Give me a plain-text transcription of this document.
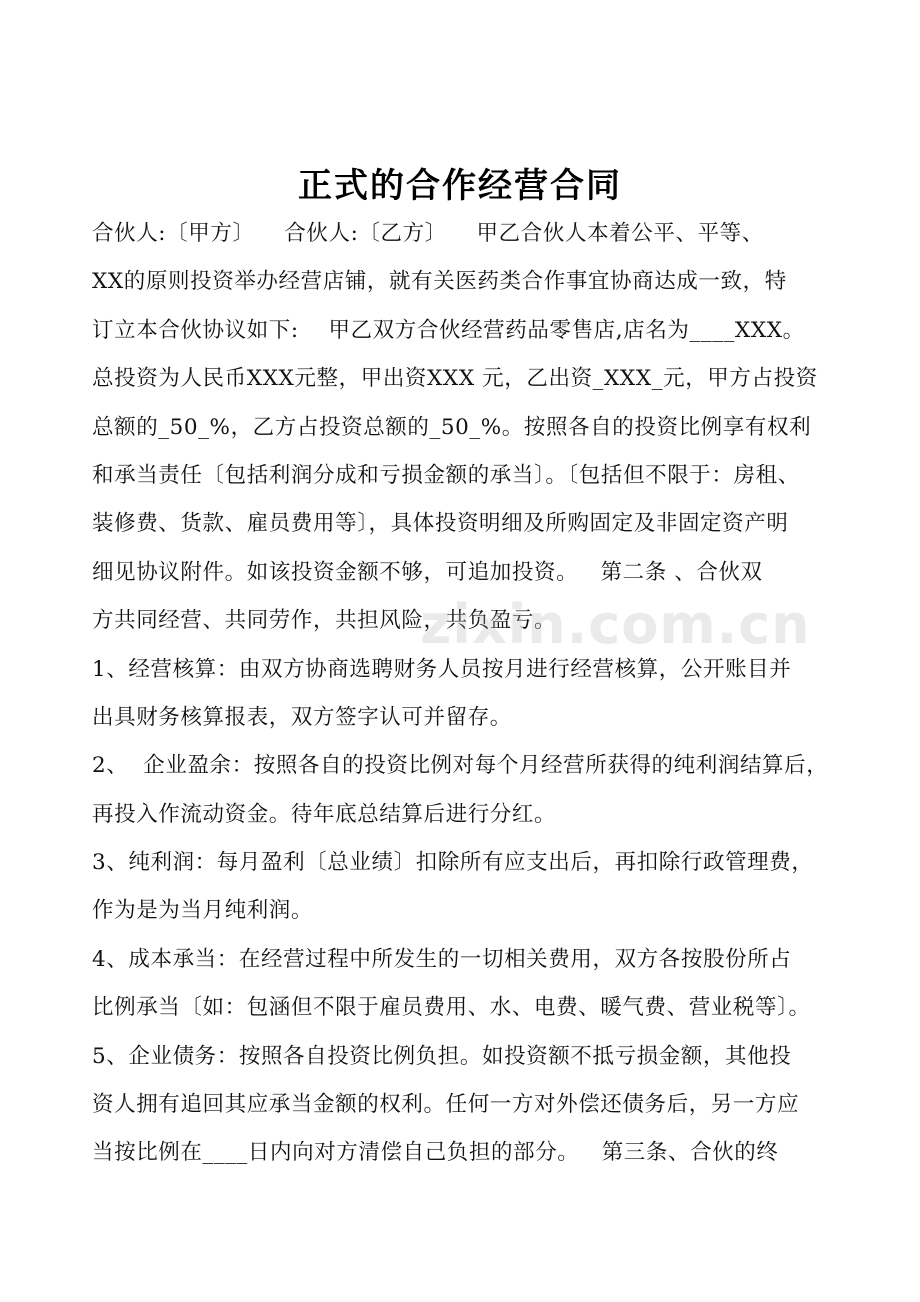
正式的合作经营合同
合伙人:〔甲方〕    合伙人:〔乙方〕    甲乙合伙人本着公平、平等、
XX的原则投资举办经营店铺，就有关医药类合作事宜协商达成一致，特
订立本合伙协议如下:    甲乙双方合伙经营药品零售店,店名为____XXX。
总投资为人民币XXX元整，甲出资XXX 元，乙出资_XXX_元，甲方占投资
总额的_50_%，乙方占投资总额的_50_%。按照各自的投资比例享有权利
和承当责任〔包括利润分成和亏损金额的承当〕。〔包括但不限于：房租、
装修费、货款、雇员费用等〕，具体投资明细及所购固定及非固定资产明
细见协议附件。如该投资金额不够，可追加投资。   第二条 、合伙双
方共同经营、共同劳作，共担风险，共负盈亏。
1、经营核算：由双方协商选聘财务人员按月进行经营核算，公开账目并
出具财务核算报表，双方签字认可并留存。
2、  企业盈余：按照各自的投资比例对每个月经营所获得的纯利润结算后，
再投入作流动资金。待年底总结算后进行分红。
3、纯利润：每月盈利〔总业绩〕扣除所有应支出后，再扣除行政管理费，
作为是为当月纯利润。
4、成本承当：在经营过程中所发生的一切相关费用，双方各按股份所占
比例承当〔如：包涵但不限于雇员费用、水、电费、暖气费、营业税等〕。
5、企业债务：按照各自投资比例负担。如投资额不抵亏损金额，其他投
资人拥有追回其应承当金额的权利。任何一方对外偿还债务后，另一方应
当按比例在____日内向对方清偿自己负担的部分。   第三条、合伙的终
zixin.com.cn
